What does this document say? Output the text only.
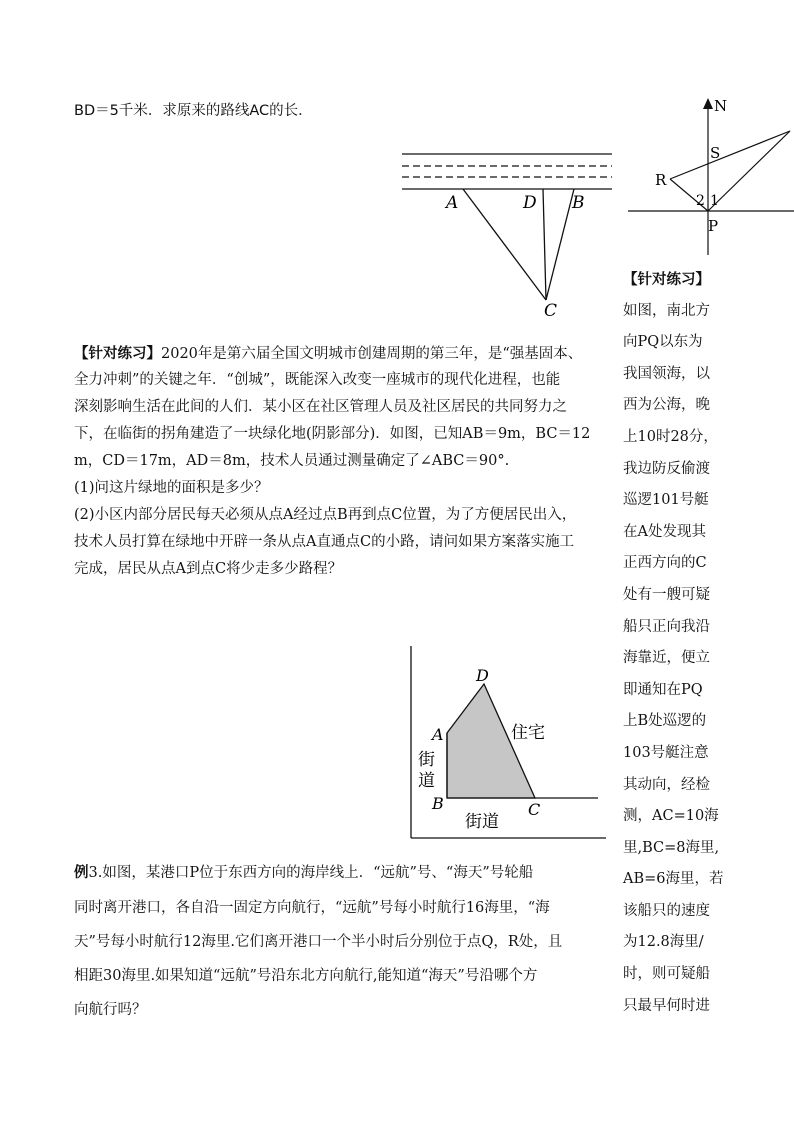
BD＝5千米．求原来的路线AC的长．	N
S
R
P
2 1
A	D B
C
【针对练习】2020年是第六届全国文明城市创建周期的第三年，是“强基固本、
全力冲刺”的关键之年．“创城”，既能深入改变一座城市的现代化进程，也能
深刻影响生活在此间的人们．某小区在社区管理人员及社区居民的共同努力之
下，在临街的拐角建造了一块绿化地(阴影部分)．如图，已知AB＝9m，BC＝12
m，CD＝17m，AD＝8m，技术人员通过测量确定了∠ABC＝90°.
(1)问这片绿地的面积是多少？
(2)小区内部分居民每天必须从点A经过点B再到点C位置，为了方便居民出入，
技术人员打算在绿地中开辟一条从点A直通点C的小路，请问如果方案落实施工
完成，居民从点A到点C将少走多少路程？
A
D
B	C
住宅
街
道
街道
例3.如图，某港口P位于东西方向的海岸线上．“远航”号、“海天”号轮船
同时离开港口，各自沿一固定方向航行，“远航”号每小时航行16海里，“海
天”号每小时航行12海里.它们离开港口一个半小时后分别位于点Q，R处，且
相距30海里.如果知道“远航”号沿东北方向航行,能知道“海天”号沿哪个方
向航行吗？
【针对练习】
如图，南北方
向PQ以东为
我国领海，以
西为公海，晚
上10时28分，
我边防反偷渡
巡逻101号艇
在A处发现其
正西方向的C
处有一艘可疑
船只正向我沿
海靠近，便立
即通知在PQ
上B处巡逻的
103号艇注意
其动向，经检
测，AC=10海
里,BC=8海里,
AB=6海里，若
该船只的速度
为12.8海里/
时，则可疑船
只最早何时进
